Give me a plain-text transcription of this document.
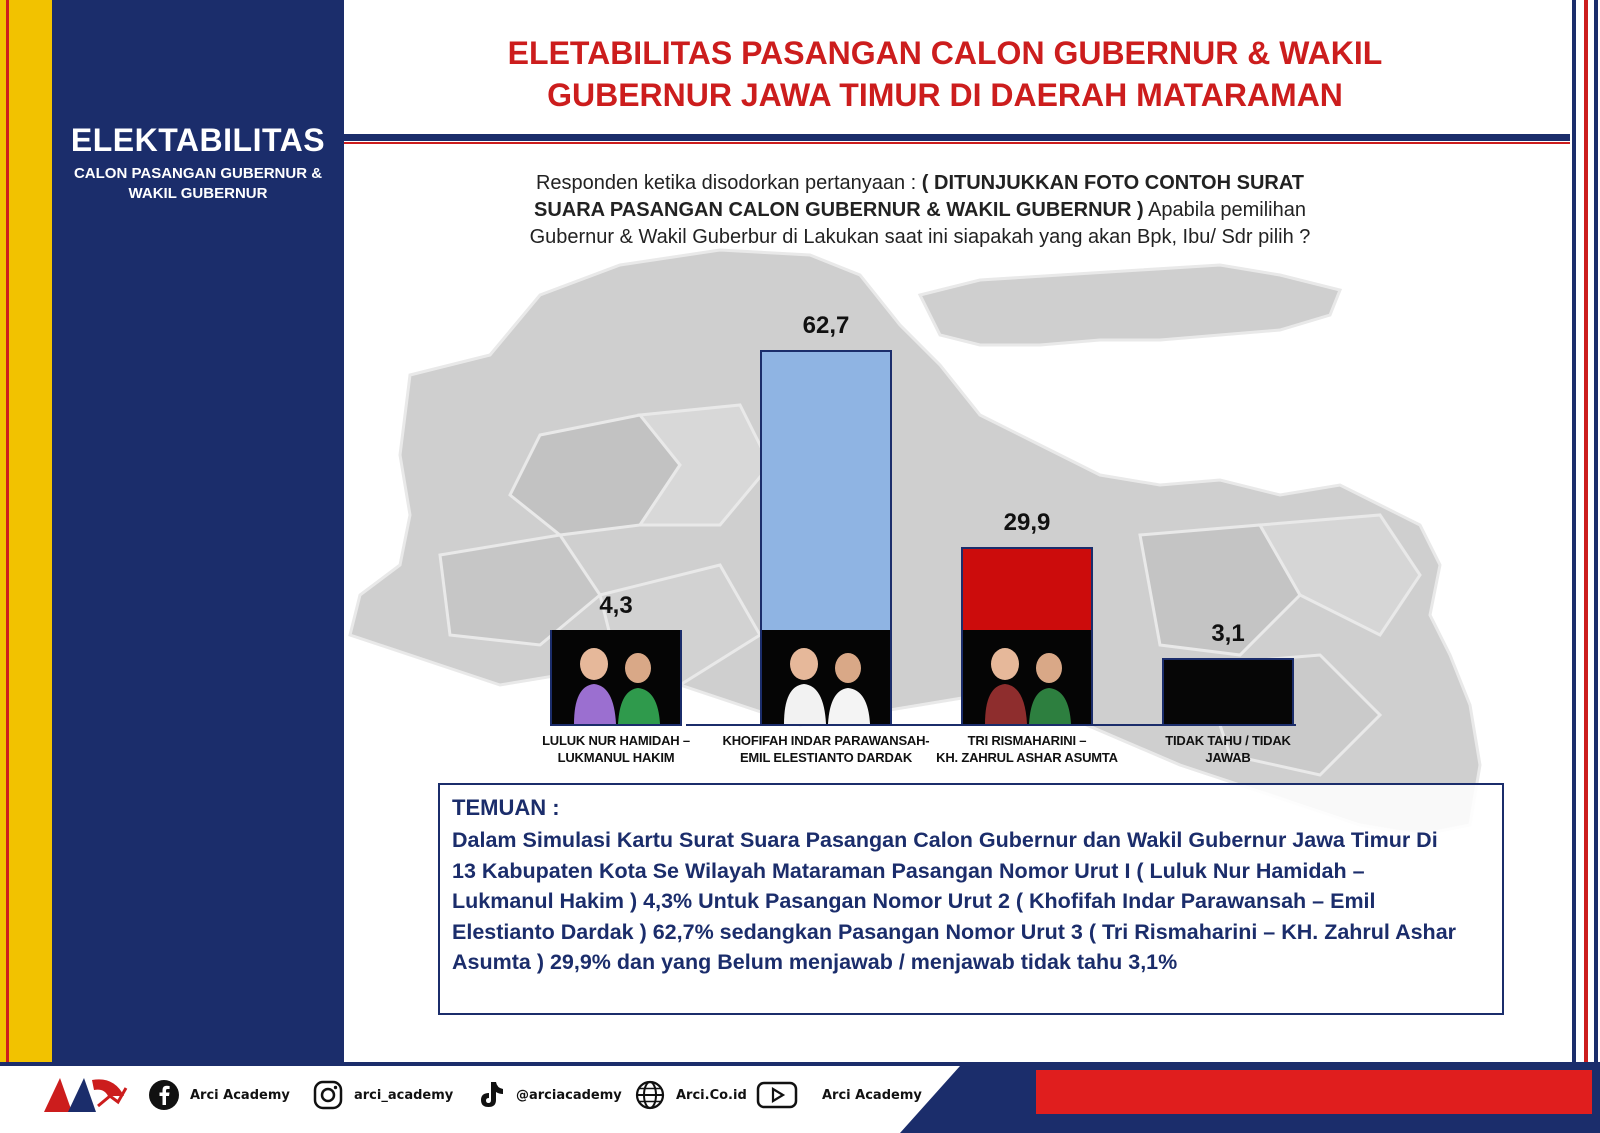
ELEKTABILITAS
CALON PASANGAN GUBERNUR &
WAKIL GUBERNUR
ELETABILITAS PASANGAN CALON GUBERNUR & WAKIL
GUBERNUR JAWA TIMUR DI DAERAH MATARAMAN
Responden ketika disodorkan pertanyaan : ( DITUNJUKKAN FOTO CONTOH SURAT
SUARA PASANGAN CALON GUBERNUR & WAKIL GUBERNUR ) Apabila pemilihan
Gubernur & Wakil Guberbur di Lakukan saat ini siapakah yang akan Bpk, Ibu/ Sdr pilih ?
4,3
LULUK NUR HAMIDAH –
LUKMANUL HAKIM
62,7
KHOFIFAH INDAR PARAWANSAH-
EMIL ELESTIANTO DARDAK
29,9
TRI RISMAHARINI –
KH. ZAHRUL ASHAR ASUMTA
3,1
TIDAK TAHU / TIDAK
JAWAB
TEMUAN :
Dalam Simulasi Kartu Surat Suara Pasangan Calon Gubernur dan Wakil Gubernur Jawa Timur Di
13 Kabupaten Kota Se Wilayah Mataraman Pasangan Nomor Urut I ( Luluk Nur Hamidah –
Lukmanul Hakim ) 4,3% Untuk Pasangan Nomor Urut 2 ( Khofifah Indar Parawansah – Emil
Elestianto Dardak ) 62,7% sedangkan Pasangan Nomor Urut 3 ( Tri Rismaharini – KH. Zahrul Ashar
Asumta ) 29,9% dan yang Belum menjawab / menjawab tidak tahu 3,1%
Periode Survei 7 – 16 November, 2024
Arci Academy	arci_academy	@arciacademy	Arci.Co.id	Arci Academy
